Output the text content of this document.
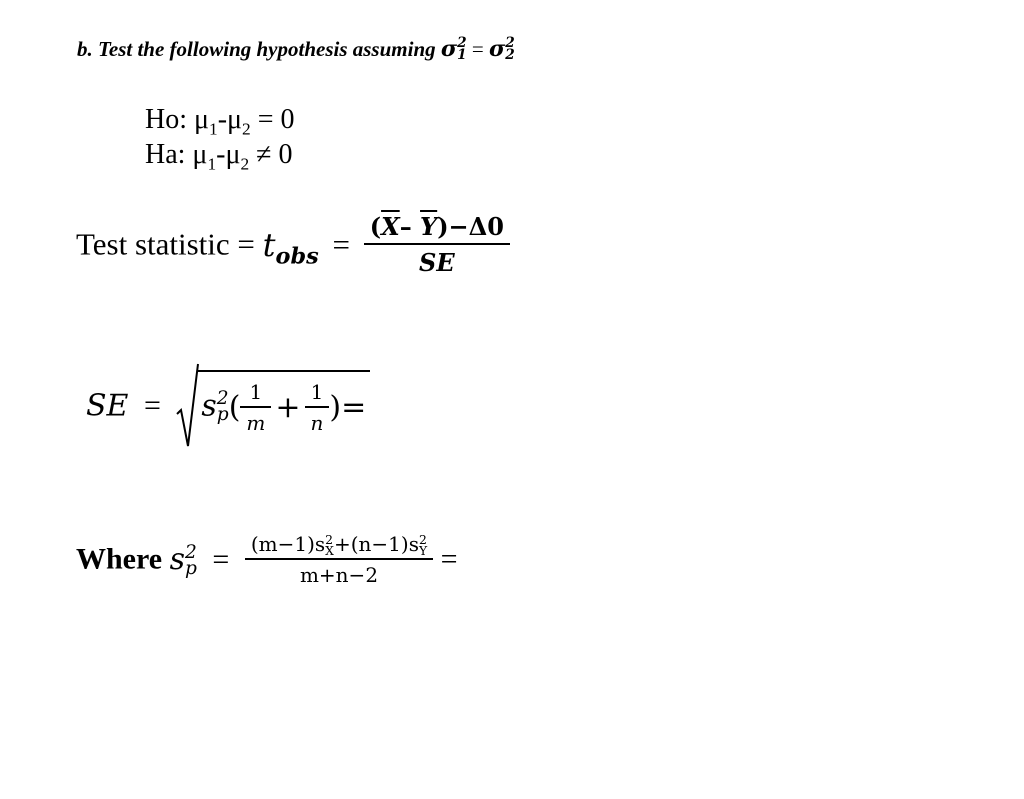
b. Test the following hypothesis assuming σ 2
1 = σ 2
2
Ho: $\mu_1-\mu_2 = 0$
Ha: $\mu_1-\mu_2 \ne 0$
Test statistic = $t_{obs} = \frac{(\overline{X}- \overline{Y})-\Delta 0}{SE}$
SE = s 2
p ( $\frac{1}{m} + \frac{1}{n}$ )=
Where s 2
p = (m−1)s 2
X +(n−1)s 2
Y
m+n−2 =
